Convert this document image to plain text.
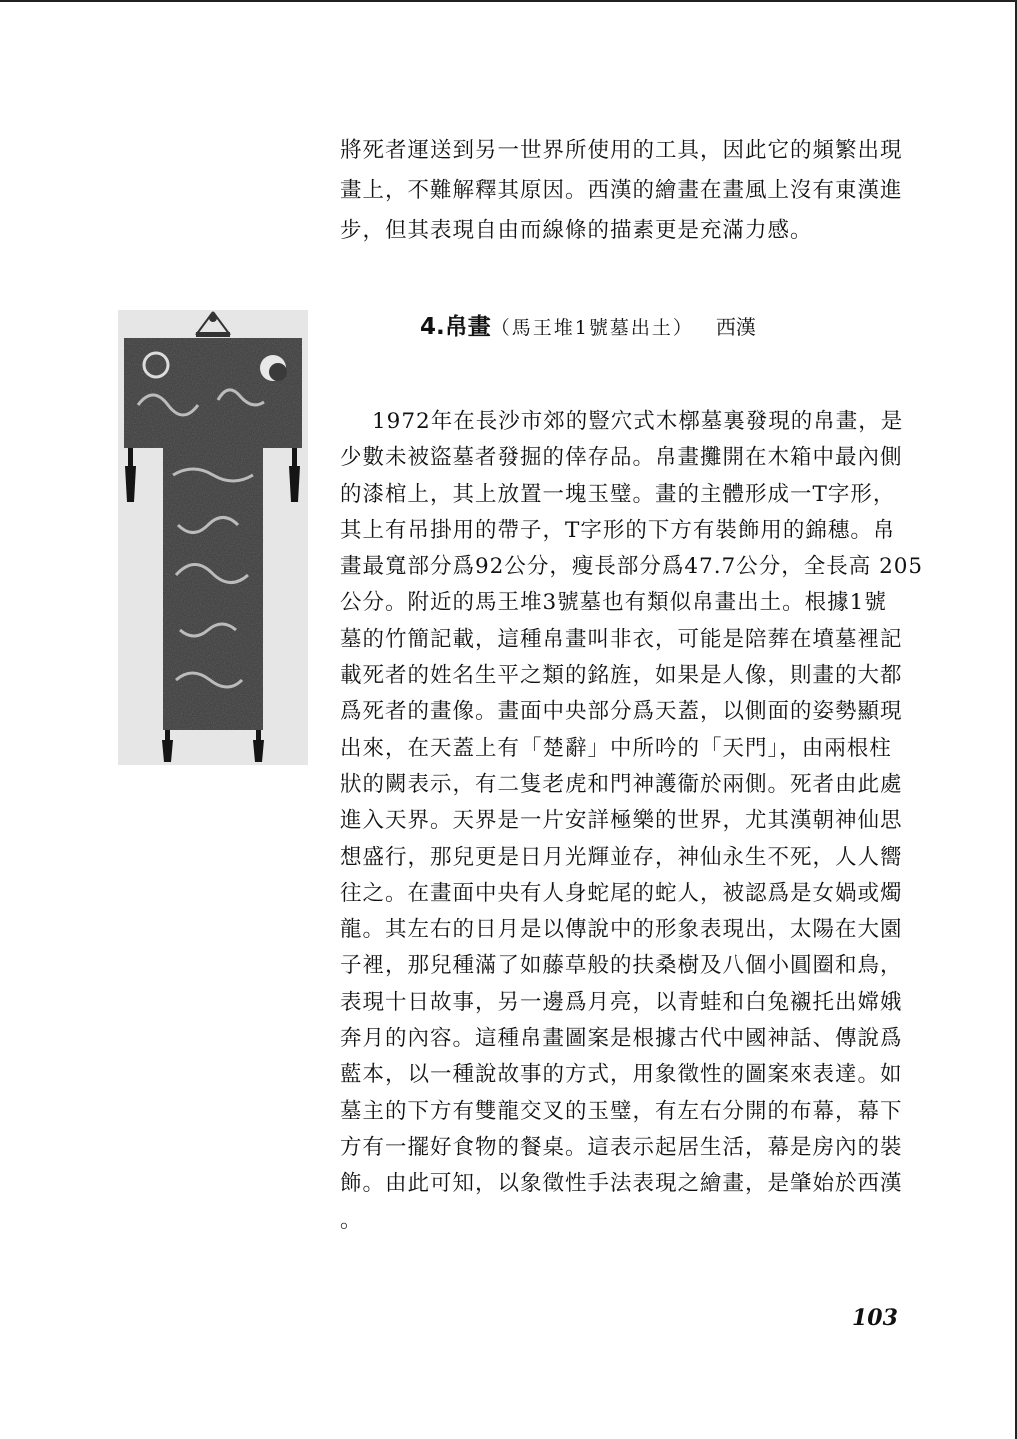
將死者運送到另一世界所使用的工具，因此它的頻繁出現
畫上，不難解釋其原因。西漢的繪畫在畫風上沒有東漢進
步，但其表現自由而線條的描素更是充滿力感。
4.帛畫（馬王堆1號墓出土） 西漢
1972年在長沙市郊的豎穴式木槨墓裏發現的帛畫，是
少數未被盜墓者發掘的倖存品。帛畫攤開在木箱中最內側
的漆棺上，其上放置一塊玉璧。畫的主體形成一T字形，
其上有吊掛用的帶子，T字形的下方有裝飾用的錦穗。帛
畫最寬部分爲92公分，瘦長部分爲47.7公分，全長高 205
公分。附近的馬王堆3號墓也有類似帛畫出土。根據1號
墓的竹簡記載，這種帛畫叫非衣，可能是陪葬在墳墓裡記
載死者的姓名生平之類的銘旌，如果是人像，則畫的大都
爲死者的畫像。畫面中央部分爲天蓋，以側面的姿勢顯現
出來，在天蓋上有「楚辭」中所吟的「天門」，由兩根柱
狀的闕表示，有二隻老虎和門神護衞於兩側。死者由此處
進入天界。天界是一片安詳極樂的世界，尤其漢朝神仙思
想盛行，那兒更是日月光輝並存，神仙永生不死，人人嚮
往之。在畫面中央有人身蛇尾的蛇人，被認爲是女媧或燭
龍。其左右的日月是以傳說中的形象表現出，太陽在大園
子裡，那兒種滿了如藤草般的扶桑樹及八個小圓圈和鳥，
表現十日故事，另一邊爲月亮，以青蛙和白兔襯托出嫦娥
奔月的內容。這種帛畫圖案是根據古代中國神話、傳說爲
藍本，以一種說故事的方式，用象徵性的圖案來表達。如
墓主的下方有雙龍交叉的玉璧，有左右分開的布幕，幕下
方有一擺好食物的餐桌。這表示起居生活，幕是房內的裝
飾。由此可知，以象徵性手法表現之繪畫，是肇始於西漢
。
103
